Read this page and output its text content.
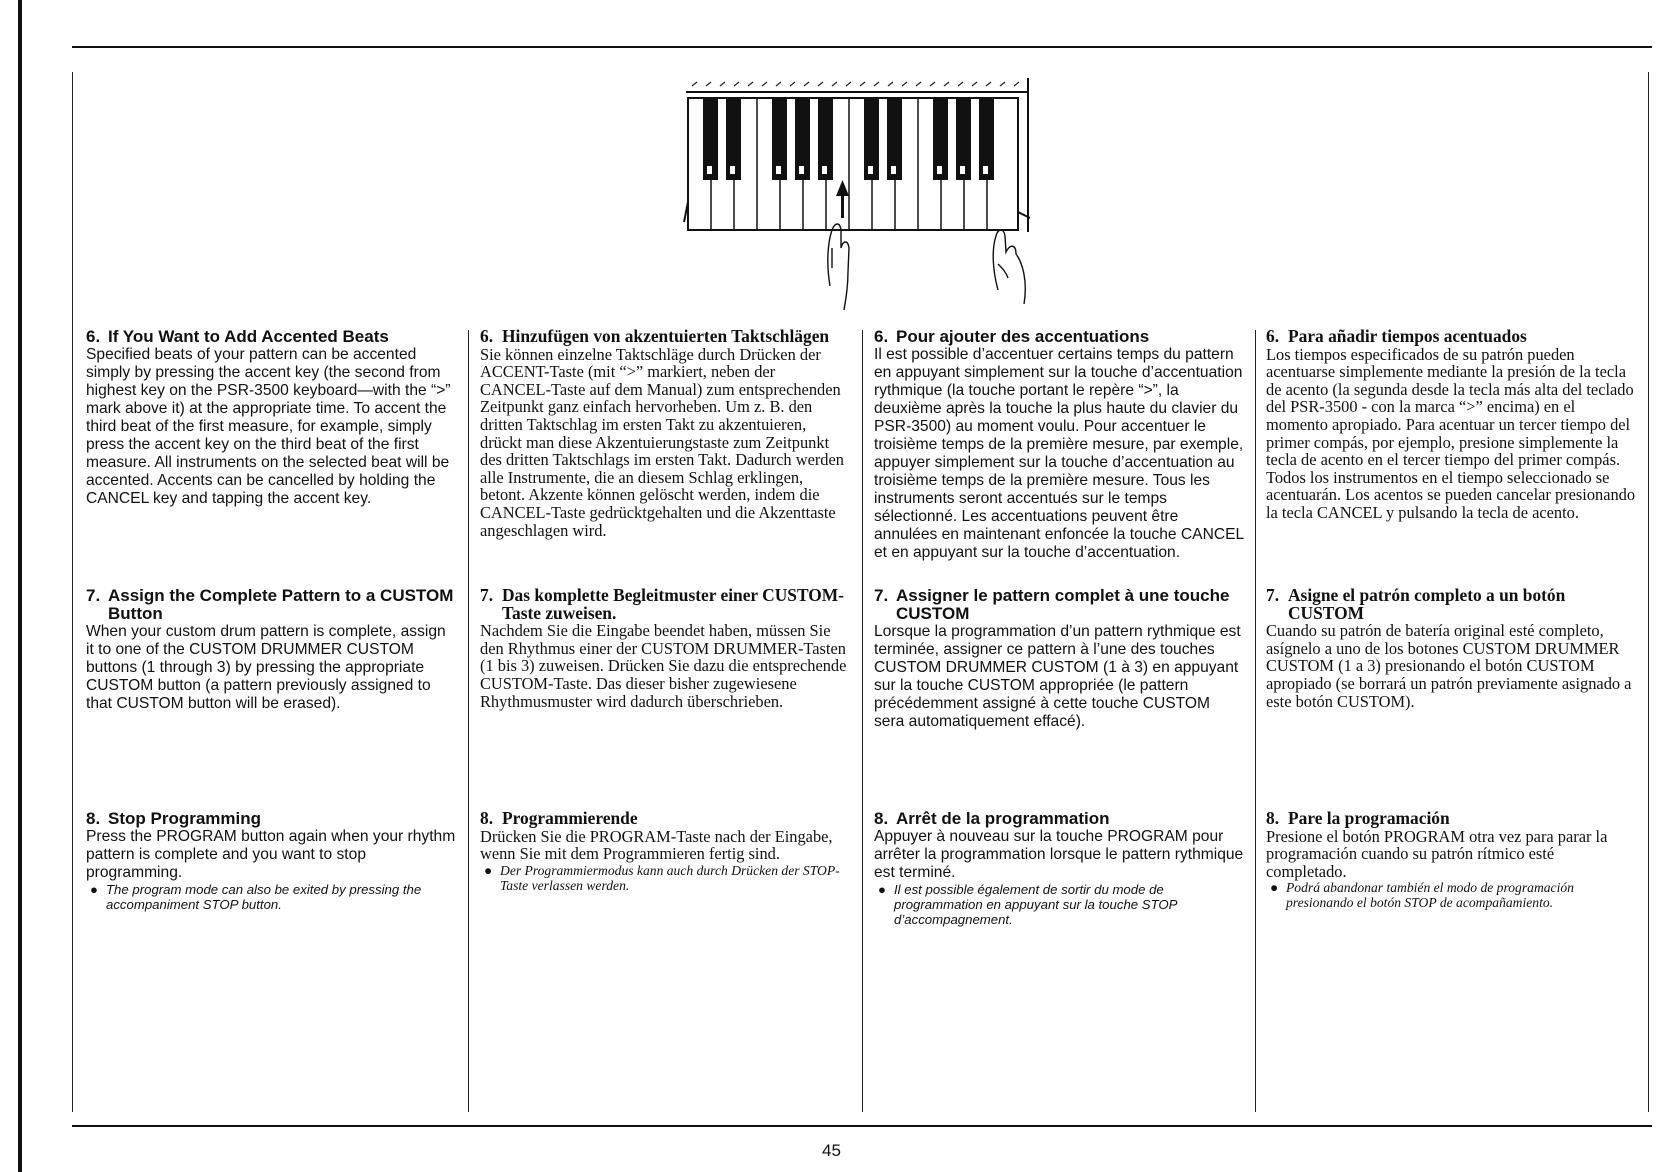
6. If You Want to Add Accented Beats

Specified beats of your pattern can be accented simply by pressing the accent key (the second from highest key on the PSR-3500 keyboard—with the “>” mark above it) at the appropriate time. To accent the third beat of the first measure, for example, simply press the accent key on the third beat of the first measure. All instruments on the selected beat will be accented. Accents can be cancelled by holding the CANCEL key and tapping the accent key.

7. Assign the Complete Pattern to a CUSTOM Button

When your custom drum pattern is complete, assign it to one of the CUSTOM DRUMMER CUSTOM buttons (1 through 3) by pressing the appropriate CUSTOM button (a pattern previously assigned to that CUSTOM button will be erased).

8. Stop Programming

Press the PROGRAM button again when your rhythm pattern is complete and you want to stop programming.

● The program mode can also be exited by pressing the accompaniment STOP button.
6. Hinzufügen von akzentuierten Taktschlägen

Sie können einzelne Taktschläge durch Drücken der ACCENT-Taste (mit “>” markiert, neben der CANCEL-Taste auf dem Manual) zum entsprechenden Zeitpunkt ganz einfach hervorheben. Um z. B. den dritten Taktschlag im ersten Takt zu akzentuieren, drückt man diese Akzentuierungstaste zum Zeitpunkt des dritten Taktschlags im ersten Takt. Dadurch werden alle Instrumente, die an diesem Schlag erklingen, betont. Akzente können gelöscht werden, indem die CANCEL-Taste gedrücktgehalten und die Akzenttaste angeschlagen wird.

7. Das komplette Begleitmuster einer CUSTOM-Taste zuweisen.

Nachdem Sie die Eingabe beendet haben, müssen Sie den Rhythmus einer der CUSTOM DRUMMER-Tasten (1 bis 3) zuweisen. Drücken Sie dazu die entsprechende CUSTOM-Taste. Das dieser bisher zugewiesene Rhythmusmuster wird dadurch überschrieben.

8. Programmierende

Drücken Sie die PROGRAM-Taste nach der Eingabe, wenn Sie mit dem Programmieren fertig sind.

● Der Programmiermodus kann auch durch Drücken der STOP-Taste verlassen werden.
6. Pour ajouter des accentuations

Il est possible d’accentuer certains temps du pattern en appuyant simplement sur la touche d’accentuation rythmique (la touche portant le repère “>”, la deuxième après la touche la plus haute du clavier du PSR-3500) au moment voulu. Pour accentuer le troisième temps de la première mesure, par exemple, appuyer simplement sur la touche d’accentuation au troisième temps de la première mesure. Tous les instruments seront accentués sur le temps sélectionné. Les accentuations peuvent être annulées en maintenant enfoncée la touche CANCEL et en appuyant sur la touche d’accentuation.

7. Assigner le pattern complet à une touche CUSTOM

Lorsque la programmation d’un pattern rythmique est terminée, assigner ce pattern à l’une des touches CUSTOM DRUMMER CUSTOM (1 à 3) en appuyant sur la touche CUSTOM appropriée (le pattern précédemment assigné à cette touche CUSTOM sera automatiquement effacé).

8. Arrêt de la programmation

Appuyer à nouveau sur la touche PROGRAM pour arrêter la programmation lorsque le pattern rythmique est terminé.

● Il est possible également de sortir du mode de programmation en appuyant sur la touche STOP d’accompagnement.
6. Para añadir tiempos acentuados

Los tiempos especificados de su patrón pueden acentuarse simplemente mediante la presión de la tecla de acento (la segunda desde la tecla más alta del teclado del PSR-3500 - con la marca “>” encima) en el momento apropiado. Para acentuar un tercer tiempo del primer compás, por ejemplo, presione simplemente la tecla de acento en el tercer tiempo del primer compás. Todos los instrumentos en el tiempo seleccionado se acentuarán. Los acentos se pueden cancelar presionando la tecla CANCEL y pulsando la tecla de acento.

7. Asigne el patrón completo a un botón CUSTOM

Cuando su patrón de batería original esté completo, asígnelo a uno de los botones CUSTOM DRUMMER CUSTOM (1 a 3) presionando el botón CUSTOM apropiado (se borrará un patrón previamente asignado a este botón CUSTOM).

8. Pare la programación

Presione el botón PROGRAM otra vez para parar la programación cuando su patrón rítmico esté completado.

● Podrá abandonar también el modo de programación presionando el botón STOP de acompañamiento.
45
